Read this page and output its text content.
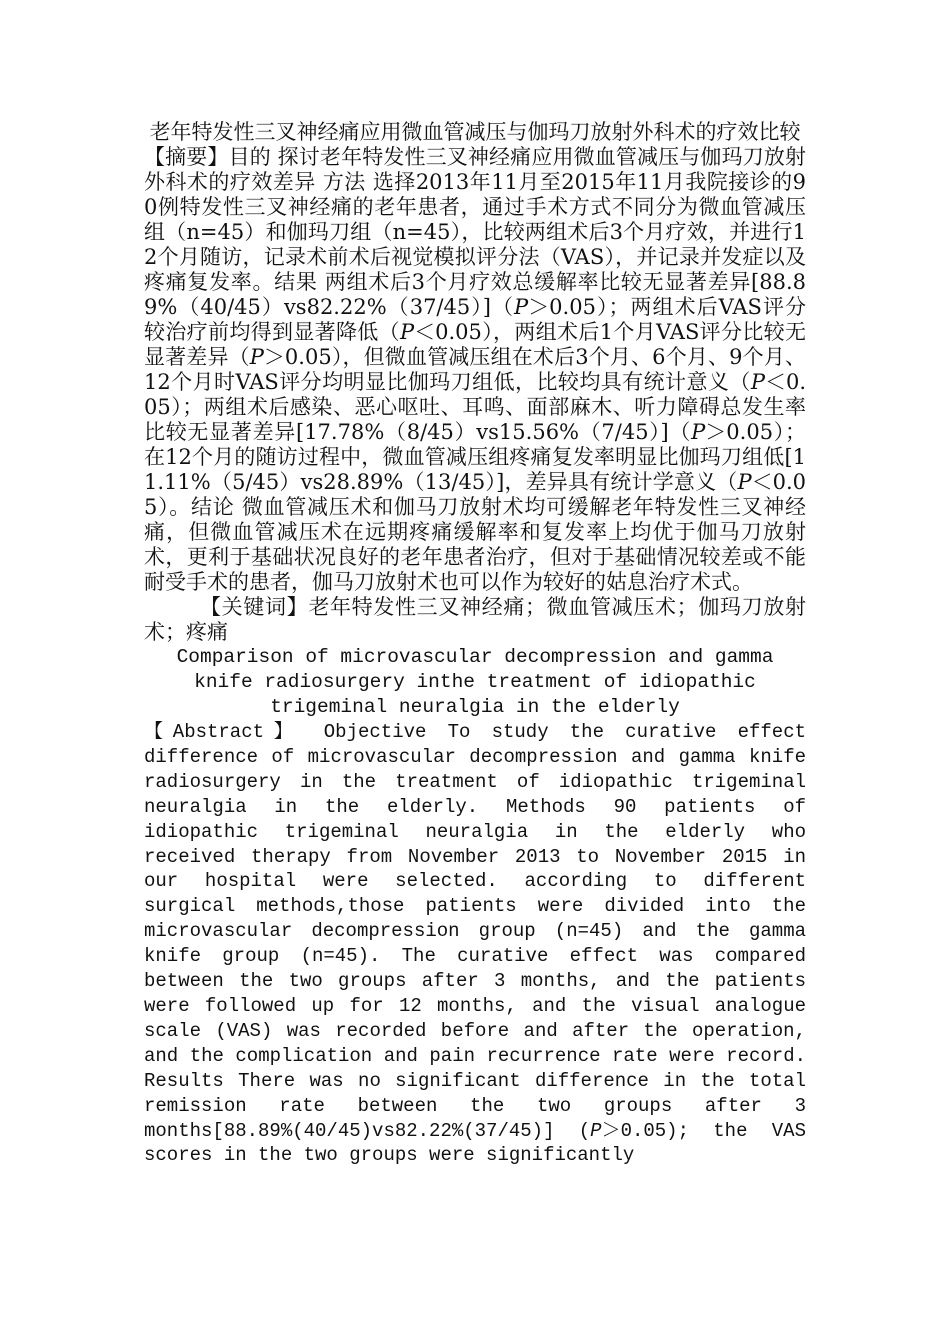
老年特发性三叉神经痛应用微血管减压与伽玛刀放射外科术的疗效比较

【摘要】目的 探讨老年特发性三叉神经痛应用微血管减压与伽玛刀放射外科术的疗效差异 方法 选择2013年11月至2015年11月我院接诊的90例特发性三叉神经痛的老年患者，通过手术方式不同分为微血管减压组（n=45）和伽玛刀组（n=45），比较两组术后3个月疗效，并进行12个月随访，记录术前术后视觉模拟评分法（VAS），并记录并发症以及疼痛复发率。结果 两组术后3个月疗效总缓解率比较无显著差异[88.89%（40/45）vs82.22%（37/45）]（P＞0.05）；两组术后VAS评分较治疗前均得到显著降低（P＜0.05），两组术后1个月VAS评分比较无显著差异（P＞0.05），但微血管减压组在术后3个月、6个月、9个月、12个月时VAS评分均明显比伽玛刀组低，比较均具有统计意义（P＜0.05）；两组术后感染、恶心呕吐、耳鸣、面部麻木、听力障碍总发生率比较无显著差异[17.78%（8/45）vs15.56%（7/45）]（P＞0.05）；在12个月的随访过程中，微血管减压组疼痛复发率明显比伽玛刀组低[11.11%（5/45）vs28.89%（13/45）]，差异具有统计学意义（P＜0.05）。结论 微血管减压术和伽马刀放射术均可缓解老年特发性三叉神经痛，但微血管减压术在远期疼痛缓解率和复发率上均优于伽马刀放射术，更利于基础状况良好的老年患者治疗，但对于基础情况较差或不能耐受手术的患者，伽马刀放射术也可以作为较好的姑息治疗术式。

【关键词】老年特发性三叉神经痛；微血管减压术；伽玛刀放射术；疼痛

Comparison of microvascular decompression and gamma knife radiosurgery inthe treatment of idiopathic trigeminal neuralgia in the elderly

【Abstract】 Objective To study the curative effect difference of microvascular decompression and gamma knife radiosurgery in the treatment of idiopathic trigeminal neuralgia in the elderly. Methods 90 patients of idiopathic trigeminal neuralgia in the elderly who received therapy from November 2013 to November 2015 in our hospital were selected. according to different surgical methods,those patients were divided into the microvascular decompression group (n=45) and the gamma knife group (n=45). The curative effect was compared between the two groups after 3 months, and the patients were followed up for 12 months, and the visual analogue scale (VAS) was recorded before and after the operation, and the complication and pain recurrence rate were record. Results There was no significant difference in the total remission rate between the two groups after 3 months[88.89%(40/45)vs82.22%(37/45)] (P＞0.05); the VAS scores in the two groups were significantly
